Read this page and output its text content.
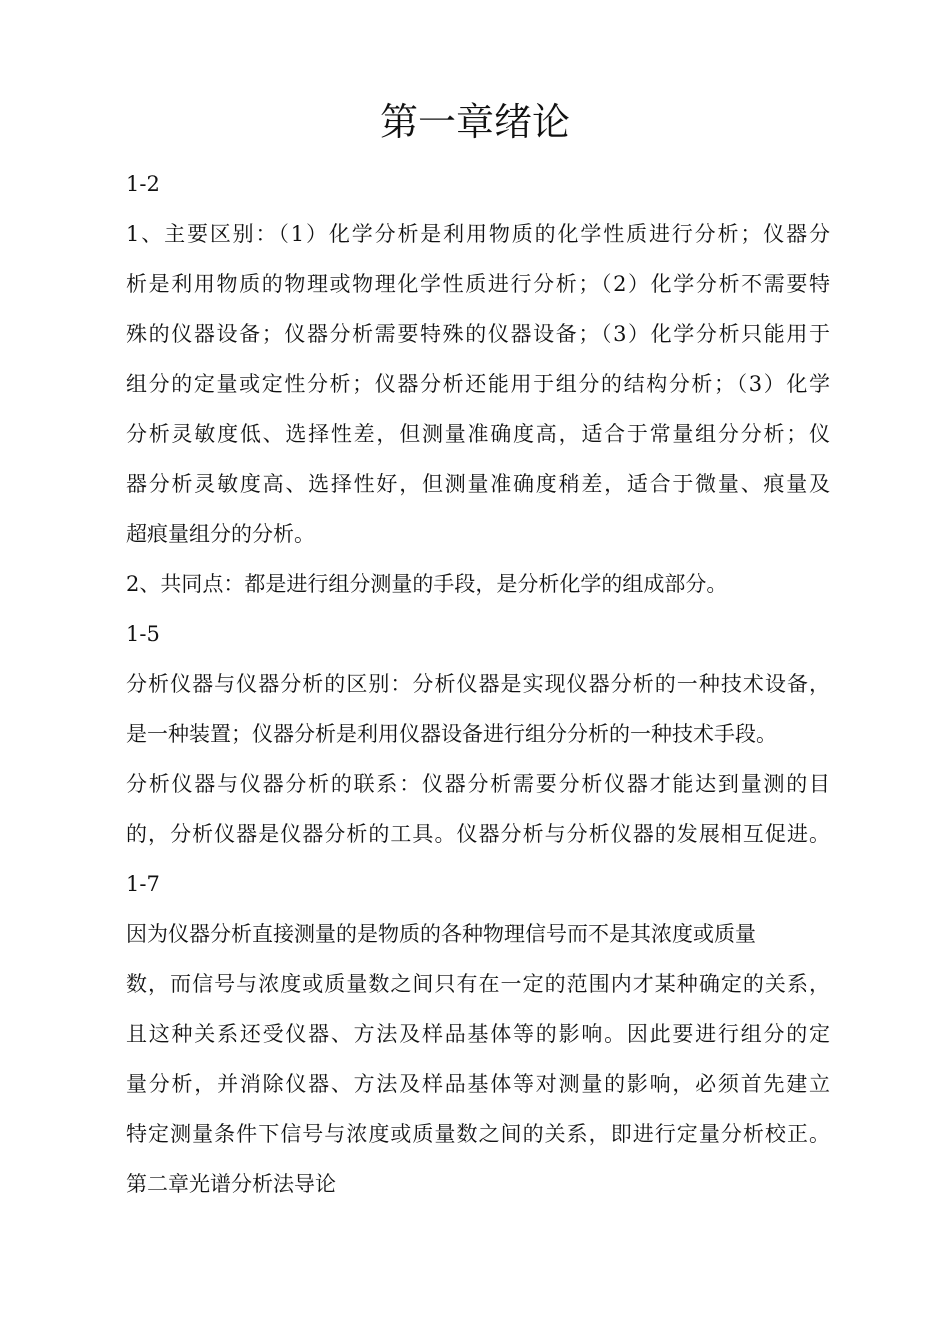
第一章绪论
1-2
1、主要区别：（1）化学分析是利用物质的化学性质进行分析；仪器分
析是利用物质的物理或物理化学性质进行分析；（2）化学分析不需要特
殊的仪器设备；仪器分析需要特殊的仪器设备；（3）化学分析只能用于
组分的定量或定性分析；仪器分析还能用于组分的结构分析；（3）化学
分析灵敏度低、选择性差，但测量准确度高，适合于常量组分分析；仪
器分析灵敏度高、选择性好，但测量准确度稍差，适合于微量、痕量及
超痕量组分的分析。
2、共同点：都是进行组分测量的手段，是分析化学的组成部分。
1-5
分析仪器与仪器分析的区别：分析仪器是实现仪器分析的一种技术设备，
是一种装置；仪器分析是利用仪器设备进行组分分析的一种技术手段。
分析仪器与仪器分析的联系：仪器分析需要分析仪器才能达到量测的目
的，分析仪器是仪器分析的工具。仪器分析与分析仪器的发展相互促进。
1-7
因为仪器分析直接测量的是物质的各种物理信号而不是其浓度或质量
数，而信号与浓度或质量数之间只有在一定的范围内才某种确定的关系，
且这种关系还受仪器、方法及样品基体等的影响。因此要进行组分的定
量分析，并消除仪器、方法及样品基体等对测量的影响，必须首先建立
特定测量条件下信号与浓度或质量数之间的关系，即进行定量分析校正。
第二章光谱分析法导论
